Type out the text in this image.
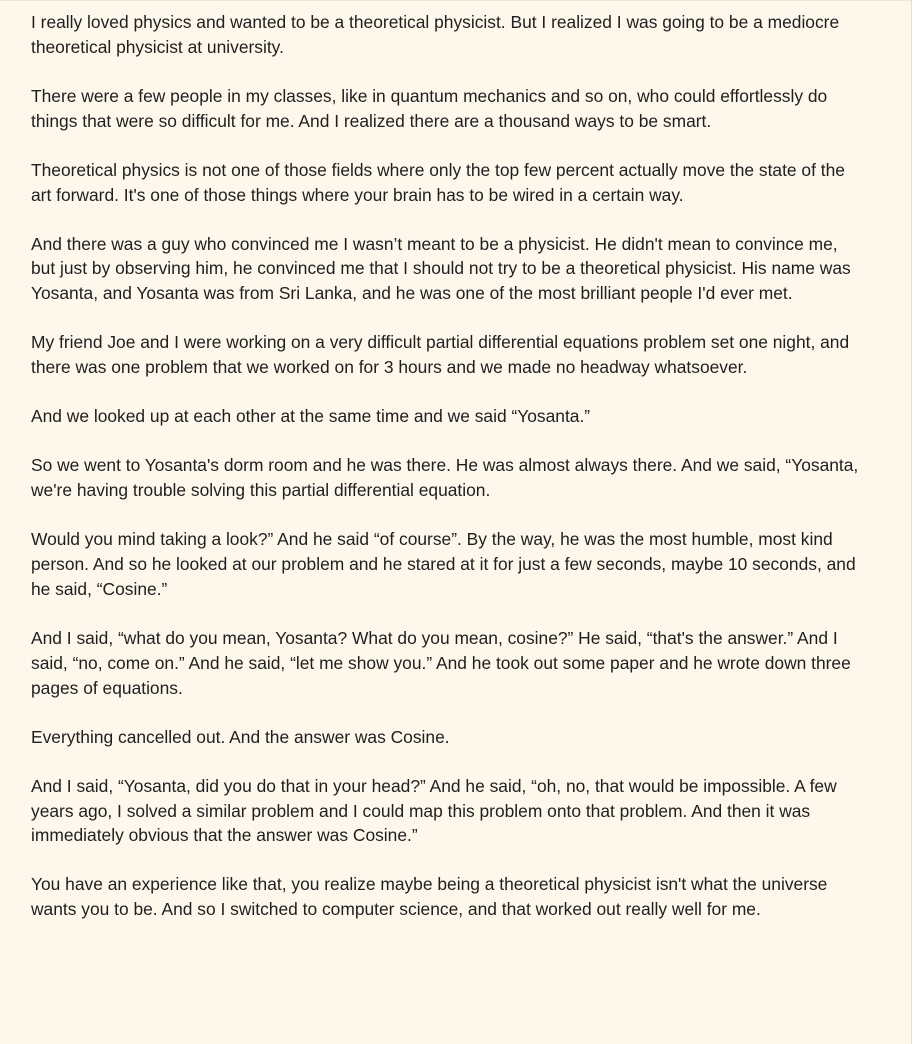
I really loved physics and wanted to be a theoretical physicist. But I realized I was going to be a mediocre theoretical physicist at university.

There were a few people in my classes, like in quantum mechanics and so on, who could effortlessly do things that were so difficult for me. And I realized there are a thousand ways to be smart.

Theoretical physics is not one of those fields where only the top few percent actually move the state of the art forward. It's one of those things where your brain has to be wired in a certain way.

And there was a guy who convinced me I wasn’t meant to be a physicist. He didn't mean to convince me, but just by observing him, he convinced me that I should not try to be a theoretical physicist. His name was Yosanta, and Yosanta was from Sri Lanka, and he was one of the most brilliant people I'd ever met.

My friend Joe and I were working on a very difficult partial differential equations problem set one night, and there was one problem that we worked on for 3 hours and we made no headway whatsoever.

And we looked up at each other at the same time and we said “Yosanta.”

So we went to Yosanta's dorm room and he was there. He was almost always there. And we said, “Yosanta, we're having trouble solving this partial differential equation.

Would you mind taking a look?” And he said “of course”. By the way, he was the most humble, most kind person. And so he looked at our problem and he stared at it for just a few seconds, maybe 10 seconds, and he said, “Cosine.”

And I said, “what do you mean, Yosanta? What do you mean, cosine?” He said, “that's the answer.” And I said, “no, come on.” And he said, “let me show you.” And he took out some paper and he wrote down three pages of equations.

Everything cancelled out. And the answer was Cosine.

And I said, “Yosanta, did you do that in your head?” And he said, “oh, no, that would be impossible. A few years ago, I solved a similar problem and I could map this problem onto that problem. And then it was immediately obvious that the answer was Cosine.”

You have an experience like that, you realize maybe being a theoretical physicist isn't what the universe wants you to be. And so I switched to computer science, and that worked out really well for me.
